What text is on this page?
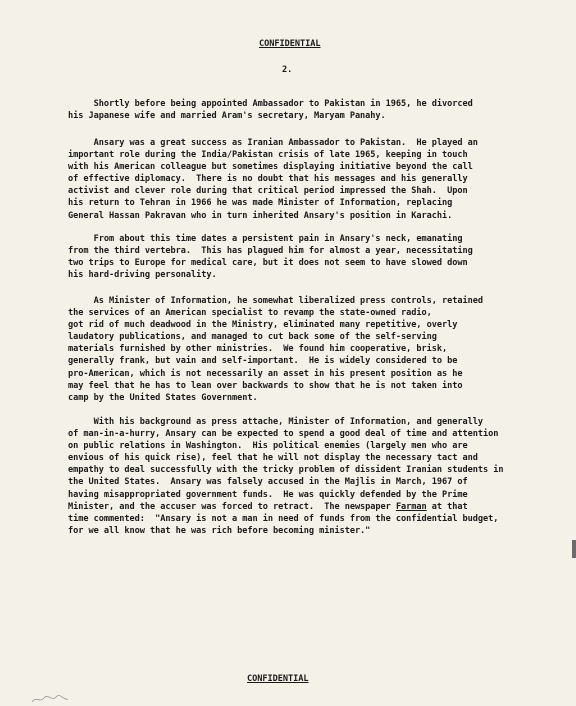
CONFIDENTIAL
2.

Shortly before being appointed Ambassador to Pakistan in 1965, he divorced
his Japanese wife and married Aram's secretary, Maryam Panahy.

Ansary was a great success as Iranian Ambassador to Pakistan.  He played an
important role during the India/Pakistan crisis of late 1965, keeping in touch
with his American colleague but sometimes displaying initiative beyond the call
of effective diplomacy.  There is no doubt that his messages and his generally
activist and clever role during that critical period impressed the Shah.  Upon
his return to Tehran in 1966 he was made Minister of Information, replacing
General Hassan Pakravan who in turn inherited Ansary's position in Karachi.

From about this time dates a persistent pain in Ansary's neck, emanating
from the third vertebra.  This has plagued him for almost a year, necessitating
two trips to Europe for medical care, but it does not seem to have slowed down
his hard-driving personality.

As Minister of Information, he somewhat liberalized press controls, retained
the services of an American specialist to revamp the state-owned radio,
got rid of much deadwood in the Ministry, eliminated many repetitive, overly
laudatory publications, and managed to cut back some of the self-serving
materials furnished by other ministries.  We found him cooperative, brisk,
generally frank, but vain and self-important.  He is widely considered to be
pro-American, which is not necessarily an asset in his present position as he
may feel that he has to lean over backwards to show that he is not taken into
camp by the United States Government.

With his background as press attache, Minister of Information, and generally
of man-in-a-hurry, Ansary can be expected to spend a good deal of time and attention
on public relations in Washington.  His political enemies (largely men who are
envious of his quick rise), feel that he will not display the necessary tact and
empathy to deal successfully with the tricky problem of dissident Iranian students in
the United States.  Ansary was falsely accused in the Majlis in March, 1967 of
having misappropriated government funds.  He was quickly defended by the Prime
Minister, and the accuser was forced to retract.  The newspaper Farman at that
time commented:  "Ansary is not a man in need of funds from the confidential budget,
for we all know that he was rich before becoming minister."

CONFIDENTIAL
